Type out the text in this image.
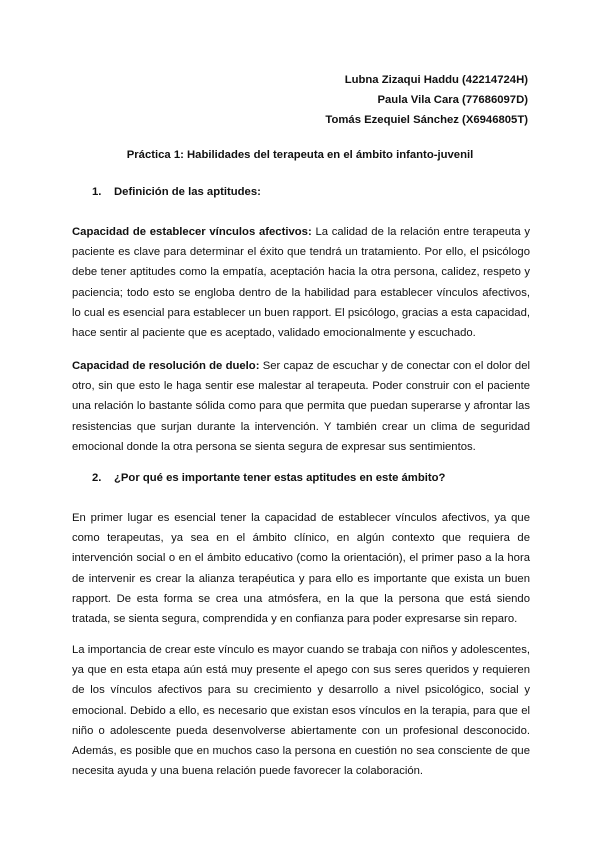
Lubna Zizaqui Haddu (42214724H)
Paula Vila Cara (77686097D)
Tomás Ezequiel Sánchez (X6946805T)
Práctica 1: Habilidades del terapeuta en el ámbito infanto-juvenil
1. Definición de las aptitudes:

Capacidad de establecer vínculos afectivos: La calidad de la relación entre terapeuta y paciente es clave para determinar el éxito que tendrá un tratamiento. Por ello, el psicólogo debe tener aptitudes como la empatía, aceptación hacia la otra persona, calidez, respeto y paciencia; todo esto se engloba dentro de la habilidad para establecer vínculos afectivos, lo cual es esencial para establecer un buen rapport. El psicólogo, gracias a esta capacidad, hace sentir al paciente que es aceptado, validado emocionalmente y escuchado.

Capacidad de resolución de duelo: Ser capaz de escuchar y de conectar con el dolor del otro, sin que esto le haga sentir ese malestar al terapeuta. Poder construir con el paciente una relación lo bastante sólida como para que permita que puedan superarse y afrontar las resistencias que surjan durante la intervención. Y también crear un clima de seguridad emocional donde la otra persona se sienta segura de expresar sus sentimientos.

2. ¿Por qué es importante tener estas aptitudes en este ámbito?

En primer lugar es esencial tener la capacidad de establecer vínculos afectivos, ya que como terapeutas, ya sea en el ámbito clínico, en algún contexto que requiera de intervención social o en el ámbito educativo (como la orientación), el primer paso a la hora de intervenir es crear la alianza terapéutica y para ello es importante que exista un buen rapport. De esta forma se crea una atmósfera, en la que la persona que está siendo tratada, se sienta segura, comprendida y en confianza para poder expresarse sin reparo.

La importancia de crear este vínculo es mayor cuando se trabaja con niños y adolescentes, ya que en esta etapa aún está muy presente el apego con sus seres queridos y requieren de los vínculos afectivos para su crecimiento y desarrollo a nivel psicológico, social y emocional. Debido a ello, es necesario que existan esos vínculos en la terapia, para que el niño o adolescente pueda desenvolverse abiertamente con un profesional desconocido. Además, es posible que en muchos caso la persona en cuestión no sea consciente de que necesita ayuda y una buena relación puede favorecer la colaboración.
